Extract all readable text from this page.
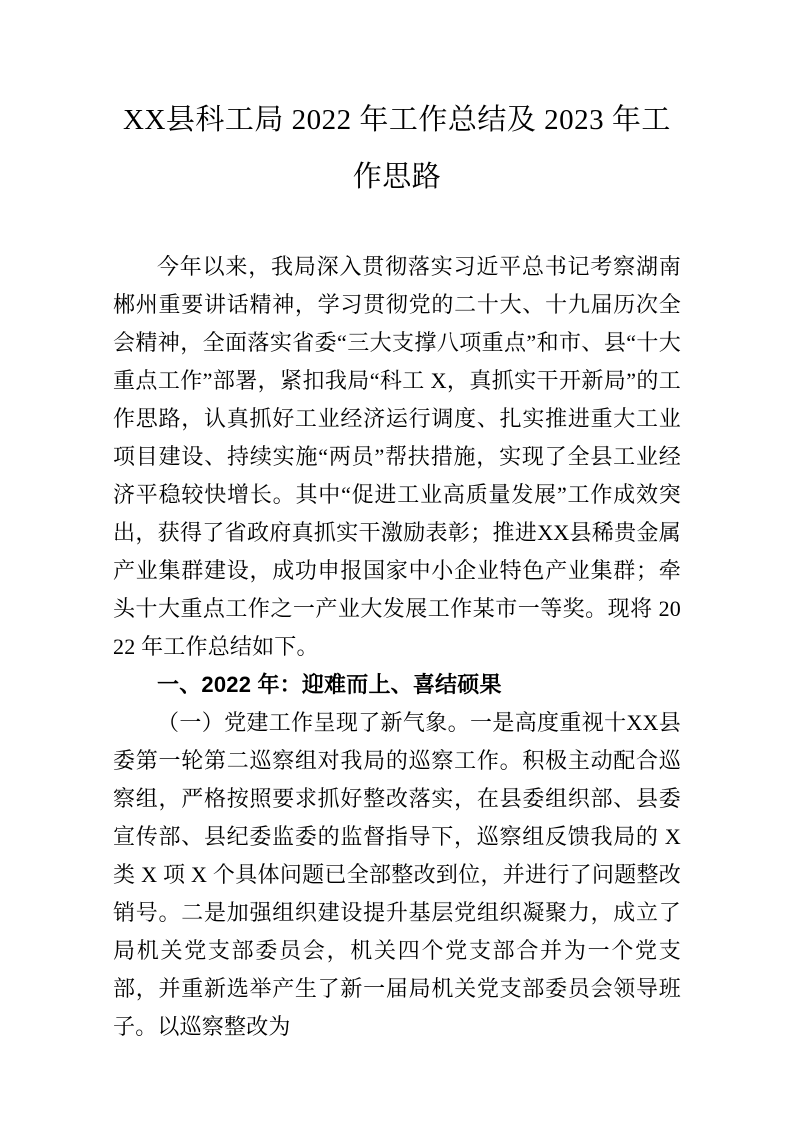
XX县科工局 2022 年工作总结及 2023 年工作思路

今年以来，我局深入贯彻落实习近平总书记考察湖南郴州重要讲话精神，学习贯彻党的二十大、十九届历次全会精神，全面落实省委“三大支撑八项重点”和市、县“十大重点工作”部署，紧扣我局“科工 X，真抓实干开新局”的工作思路，认真抓好工业经济运行调度、扎实推进重大工业项目建设、持续实施“两员”帮扶措施，实现了全县工业经济平稳较快增长。其中“促进工业高质量发展”工作成效突出，获得了省政府真抓实干激励表彰；推进XX县稀贵金属产业集群建设，成功申报国家中小企业特色产业集群；牵头十大重点工作之一产业大发展工作某市一等奖。现将 2022 年工作总结如下。

一、2022 年：迎难而上、喜结硕果

（一）党建工作呈现了新气象。一是高度重视十XX县委第一轮第二巡察组对我局的巡察工作。积极主动配合巡察组，严格按照要求抓好整改落实，在县委组织部、县委宣传部、县纪委监委的监督指导下，巡察组反馈我局的 X 类 X 项 X 个具体问题已全部整改到位，并进行了问题整改销号。二是加强组织建设提升基层党组织凝聚力，成立了局机关党支部委员会，机关四个党支部合并为一个党支部，并重新选举产生了新一届局机关党支部委员会领导班子。以巡察整改为
